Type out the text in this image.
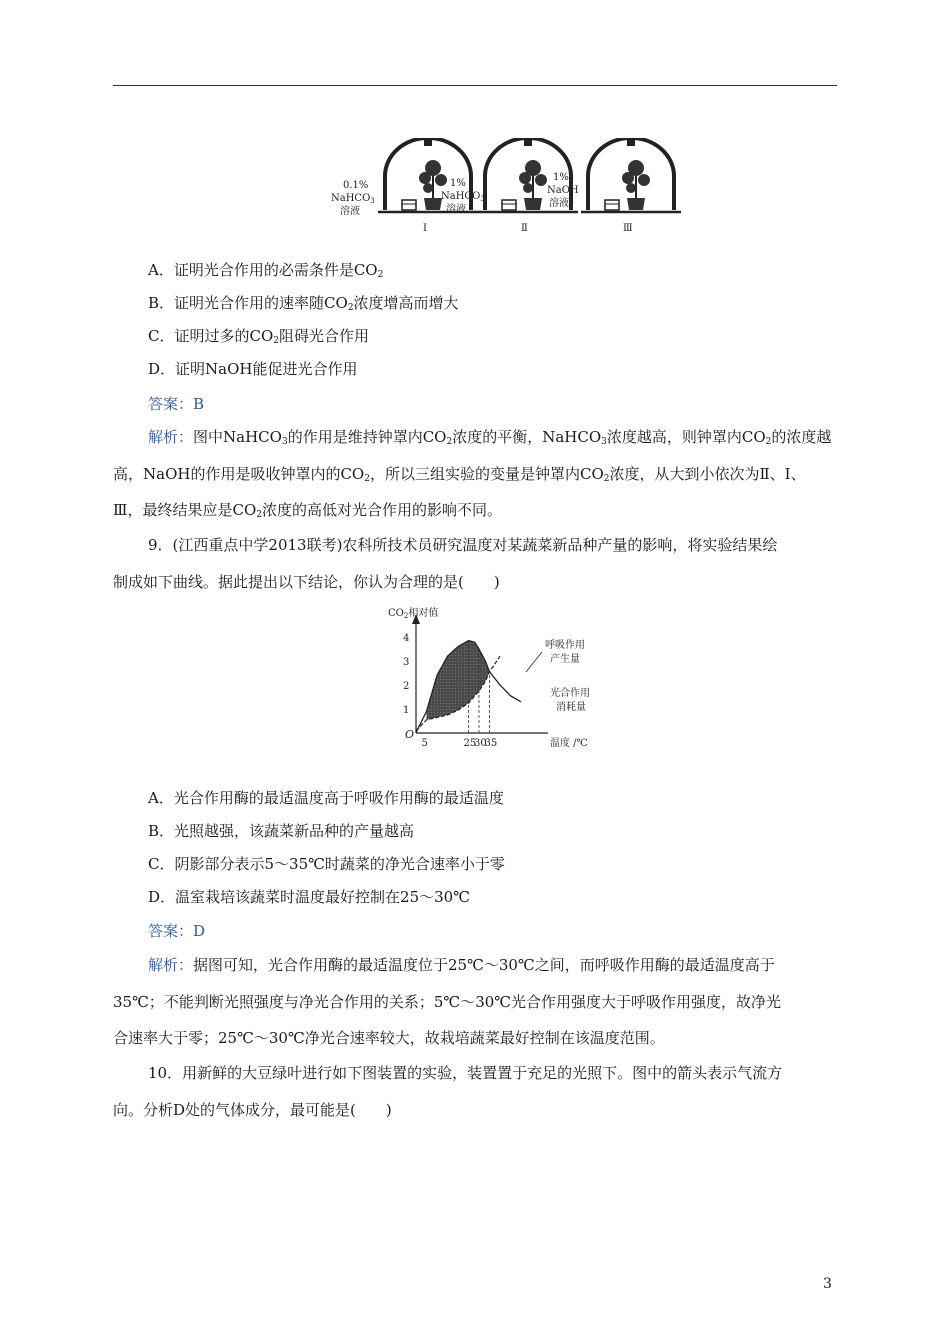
0.1%
NaHCO$_3$
溶液
Ⅰ
1%
NaHCO$_3$
溶液
Ⅱ
1%
NaOH
溶液
Ⅲ
A．证明光合作用的必需条件是$CO_2$
B．证明光合作用的速率随$CO_2$浓度增高而增大
C．证明过多的$CO_2$阻碍光合作用
D．证明NaOH能促进光合作用
答案：B
解析：图中NaHCO$_3$的作用是维持钟罩内$CO_2$浓度的平衡，NaHCO$_3$浓度越高，则钟罩内$CO_2$的浓度越
高，NaOH的作用是吸收钟罩内的$CO_2$，所以三组实验的变量是钟罩内$CO_2$浓度，从大到小依次为Ⅱ、Ⅰ、
Ⅲ，最终结果应是$CO_2$浓度的高低对光合作用的影响不同。
9．(江西重点中学2013联考)农科所技术员研究温度对某蔬菜新品种产量的影响，将实验结果绘
制成如下曲线。据此提出以下结论，你认为合理的是(　　)
$CO_2$相对值
温度 /℃
O
1
2
3
4
5	25
30
35
呼吸作用
产生量
光合作用
消耗量
A．光合作用酶的最适温度高于呼吸作用酶的最适温度
B．光照越强，该蔬菜新品种的产量越高
C．阴影部分表示5～35℃时蔬菜的净光合速率小于零
D．温室栽培该蔬菜时温度最好控制在25～30℃
答案：D
解析：据图可知，光合作用酶的最适温度位于25℃～30℃之间，而呼吸作用酶的最适温度高于
35℃；不能判断光照强度与净光合作用的关系；5℃～30℃光合作用强度大于呼吸作用强度，故净光
合速率大于零；25℃～30℃净光合速率较大，故栽培蔬菜最好控制在该温度范围。
10．用新鲜的大豆绿叶进行如下图装置的实验，装置置于充足的光照下。图中的箭头表示气流方
向。分析D处的气体成分，最可能是(　　)
3
